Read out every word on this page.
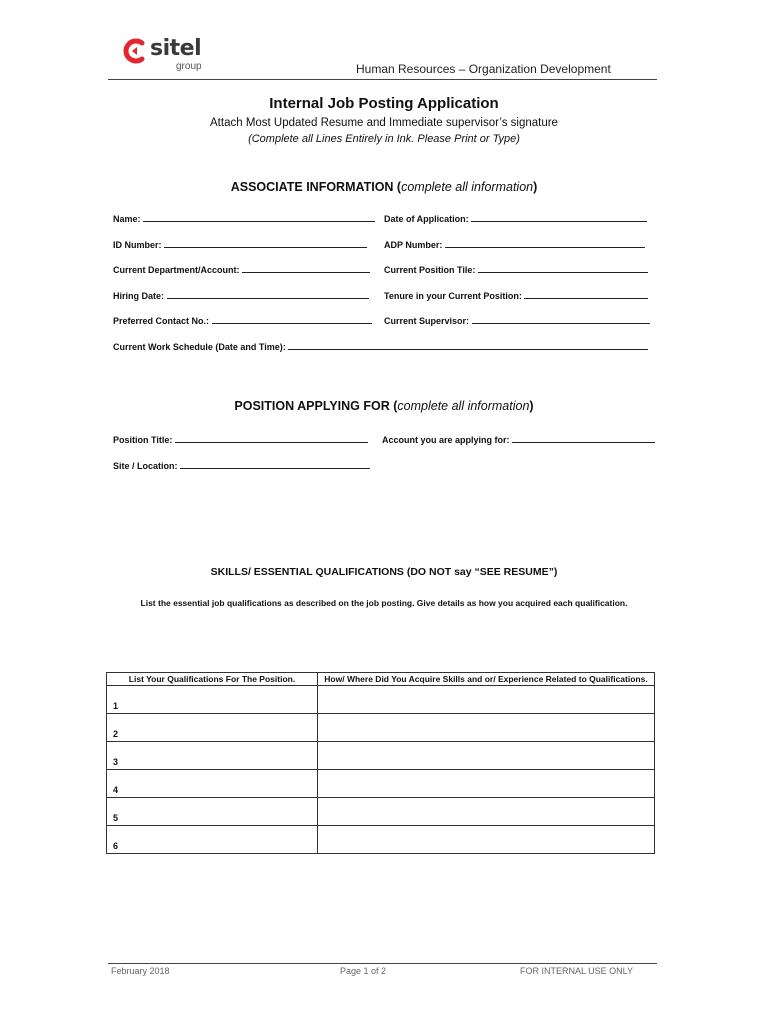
sitel
group	Human Resources – Organization Development
Internal Job Posting Application
Attach Most Updated Resume and Immediate supervisor’s signature
(Complete all Lines Entirely in Ink. Please Print or Type)
ASSOCIATE INFORMATION (complete all information)
Name:	Date of Application:
ID Number:	ADP Number:
Current Department/Account:	Current Position Tile:
Hiring Date:	Tenure in your Current Position:
Preferred Contact No.:	Current Supervisor:
Current Work Schedule (Date and Time):
POSITION APPLYING FOR (complete all information)
Position Title:	Account you are applying for:
Site / Location:
SKILLS/ ESSENTIAL QUALIFICATIONS (DO NOT say “SEE RESUME”)
List the essential job qualifications as described on the job posting. Give details as how you acquired each qualification.
List Your Qualifications For The Position.	How/ Where Did You Acquire Skills and or/ Experience Related to Qualifications.
1	
2	
3	
4	
5	
6	
February 2018	Page 1 of 2	FOR INTERNAL USE ONLY
